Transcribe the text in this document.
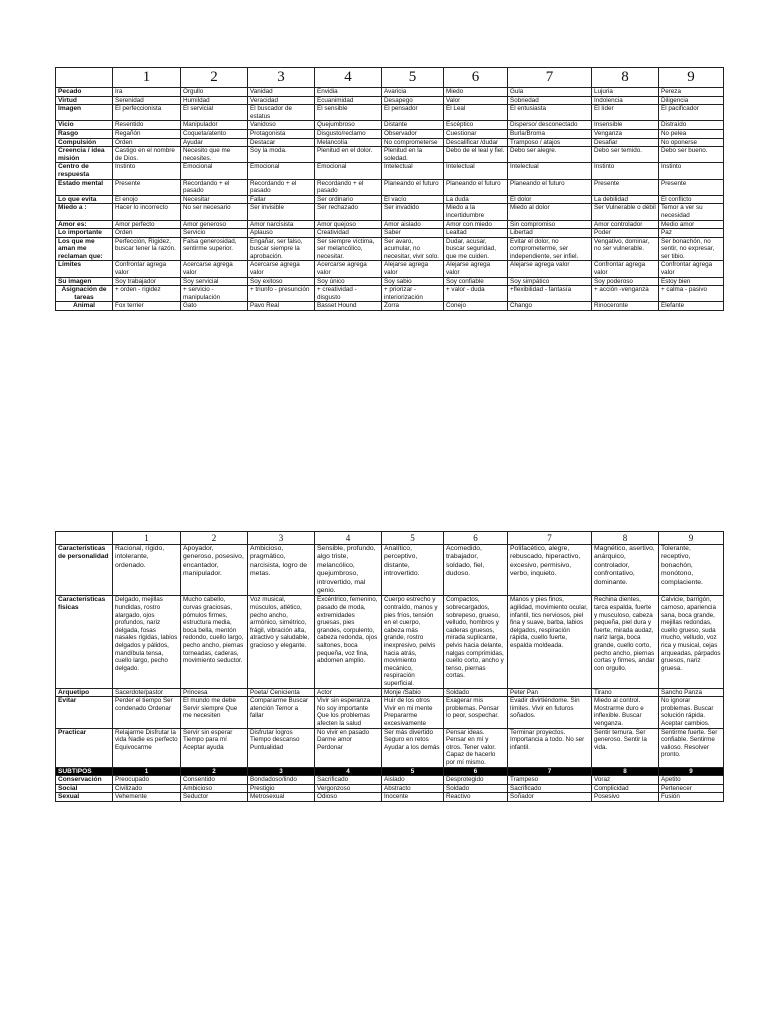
	1	2	3	4	5	6	7	8	9
Pecado	Ira	Orgullo	Vanidad	Envidia	Avaricia	Miedo	Gula	Lujuria	Pereza
Virtud	Serenidad	Humildad	Veracidad	Ecuanimidad	Desapego	Valor	Sobriedad	Indolencia	Diligencia
Imagen	El perfeccionista	El servicial	El buscador de estatus	El sensible	El pensador	El Leal	El entusiasta	El líder	El pacificador
Vicio	Resentido	Manipulador	Vanidoso	Quejumbroso	Distante	Escéptico	Disperso/ desconectado	Insensible	Distraído
Rasgo	Regañón	Coqueta/atento	Protagonista	Disgusto/reclamo	Observador	Cuestionar	Burla/Broma	Venganza	No pelea
Compulsión	Orden	Ayudar	Destacar	Melancolía	No comprometerse	Descalificar /dudar	Tramposo / atajos	Desafiar	No oponerse
Creencia / idea misión	Castigo en el nombre de Dios.	Necesito que me necesites.	Soy la moda.	Plenitud en el dolor.	Plenitud en la soledad.	Debo de el leal y fiel.	Debo ser alegre.	Debo ser temido.	Debo ser bueno.
Centro de respuesta	Instinto	Emocional	Emocional	Emocional	Intelectual	Intelectual	Intelectual	Instinto	Instinto
Estado mental	Presente	Recordando + el pasado	Recordando + el pasado	Recordando + el pasado	Planeando el futuro	Planeando el futuro	Planeando el futuro	Presente	Presente
Lo que evita	El enojo	Necesitar	Fallar	Ser ordinario	El vacío	La duda	El dolor	La debilidad	El conflicto
Miedo a :	Hacer lo incorrecto	No ser necesario	Ser invisible	Ser rechazado	Ser invadido	Miedo a la incertidumbre	Miedo al dolor	Ser Vulnerable o débil	Temor a ver su necesidad
Amor es:	Amor perfecto	Amor generoso	Amor narcisista	Amor quejoso	Amor aislado	Amor con miedo	Sin compromiso	Amor controlador	Medio amor
Lo importante	Orden	Servicio	Aplauso	Creatividad	Saber	Lealtad	Libertad	Poder	Paz
Los que me aman me reclaman que:	Perfección, Rigidez, buscar tener la razón.	Falsa generosidad, sentirme superior.	Engañar, ser falso, buscar siempre la aprobación.	Ser siempre víctima, ser melancólico, necesitar.	Ser avaro, acumular, no necesitar, vivir solo.	Dudar, acusar, buscar seguridad, que me cuiden.	Evitar el dolor, no comprometerme, ser independiente, ser infiel.	Vengativo, dominar, no ser vulnerable.	Ser bonachón, no sentir, no expresar, ser tibio.
Límites	Confrontar agrega valor	Acercarse agrega valor	Acercarse agrega valor	Acercarse agrega valor	Alejarse agrega valor	Alejarse agrega valor	Alejarse agrega valor	Confrontar agrega valor	Confrontar agrega valor
Su imagen	Soy trabajador	Soy servicial	Soy exitoso	Soy único	Soy sabio	Soy confiable	Soy simpático	Soy poderoso	Estoy bien
Asignación de tareas	+ orden - rigidez	+ servicio - manipulación	+ triunfo - presunción	+ creatividad - disgusto	+ priorizar - interiorización	+ valor - duda	+flexibilidad - fantasía	+ acción -venganza	+ calma - pasivo
Animal	Fox terrier	Gato	Pavo Real	Basset Hound	Zorra	Conejo	Chango	Rinoceronte	Elefante
	1	2	3	4	5	6	7	8	9
Características de personalidad	Racional, rígido, intolerante, ordenado.	Apoyador, generoso, posesivo, encantador, manipulador.	Ambicioso, pragmático, narcisista, logro de metas.	Sensible, profundo, algo triste, melancólico, quejumbroso, introvertido, mal genio.	Analítico, perceptivo, distante, introvertido.	Acomedido, trabajador, soldado, fiel, dudoso.	Polifacético, alegre, rebuscado, hiperactivo, excesivo, permisivo, verbo, inquieto.	Magnético, asertivo, anárquico, controlador, confrontativo, dominante.	Tolerante, receptivo, bonachón, monótono, complaciente.
Características físicas	Delgado, mejillas hundidas, rostro alargado, ojos profundos, nariz delgada, fosas nasales rígidas, labios delgados y pálidos, mandíbula tensa, cuello largo, pecho delgado.	Mucho cabello, curvas graciosas, pómulos firmes, estructura media, boca bella, mentón redondo, cuello largo, pecho ancho, piernas torneadas, caderas, movimiento seductor.	Voz musical, músculos, atlético, pecho ancho, armónico, simétrico, frágil, vibración alta, atractivo y saludable, gracioso y elegante.	Excéntrico, femenino, pasado de moda, extremidades gruesas, pies grandes, corpulento, cabeza redonda, ojos saltones, boca pequeña, voz fina, abdomen amplio.	Cuerpo estrecho y contraído, manos y pies fríos, tensión en el cuerpo, cabeza más grande, rostro inexpresivo, pelvis hacia atrás, movimiento mecánico, respiración superficial.	Compactos, sobrecargados, sobrepeso, grueso, velludo, hombros y caderas gruesos, mirada suplicante, pelvis hacia delante, nalgas comprimidas, cuello corto, ancho y tenso, piernas cortas.	Manos y pies finos, agilidad, movimiento ocular, infantil, tics nerviosos, piel fina y suave, barba, labios delgados, respiración rápida, cuello fuerte, espalda moldeada.	Rechina dientes, tarca espalda, fuerte y musculoso, cabeza pequeña, piel dura y fuerte, mirada audaz, nariz larga, boca grande, cuello corto, pecho ancho, piernas cortas y firmes, andar con orgullo.	Calvicie, barrigón, carnoso, apariencia sana, boca grande, mejillas redondas, cuello grueso, suda mucho, velludo, voz rica y musical, cejas arqueadas, párpados gruesos, nariz gruesa.
Arquetipo	Sacerdote/pastor	Princesa	Poeta/ Cenicienta	Actor	Monje /Sabio	Soldado	Peter Pan	Tirano	Sancho Panza
Evitar	Perder el tiempo Ser condenado Ordenar	El mundo me debe Servir siempre Que me necesiten	Compararme Buscar atención Temor a fallar	Vivir sin esperanza No soy importante Que los problemas afecten la salud	Huir de los otros Vivir en mi mente Prepararme excesivamente	Exagerar mis problemas. Pensar lo peor, sospechar.	Evadir divirtiéndome. Sin límites. Vivir en futuros soñados.	Miedo al control. Mostrarme duro e inflexible. Buscar venganza.	No ignorar problemas. Buscar solución rápida. Aceptar cambios.
Practicar	Relajarme Disfrutar la vida Nadie es perfecto Equivocarme	Servir sin esperar Tiempo para mí Aceptar ayuda	Disfrutar logros Tiempo descanso Puntualidad	No vivir en pasado Darme amor Perdonar	Ser más divertido Seguro en retos Ayudar a los demás	Pensar ideas. Pensar en mí y otros. Tener valor. Capaz de hacerlo por mí mismo.	Terminar proyectos. Importancia a todo. No ser infantil.	Sentir ternura. Ser generoso. Sentir la vida.	Sentirme fuerte. Ser confiable. Sentirme valioso. Resolver pronto.
SUBTIPOS	1	2	3	4	5	6	7	8	9
Conservación	Preocupado	Consentido	Bondadoso/lindo	Sacrificado	Aislado	Desprotegido	Trampeso	Voraz	Apetito
Social	Civilizado	Ambicioso	Prestigio	Vergonzoso	Abstracto	Soldado	Sacrificado	Complicidad	Pertenecer
Sexual	Vehemente	Seductor	Metrosexual	Odioso	Inocente	Reactivo	Soñador	Posesivo	Fusión
